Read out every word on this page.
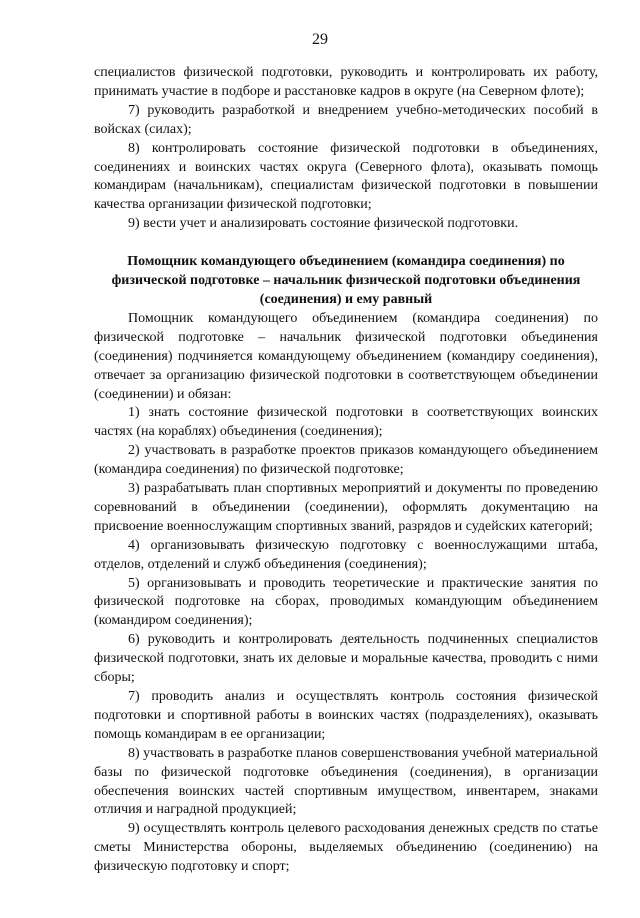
29

специалистов физической подготовки, руководить и контролировать их работу, принимать участие в подборе и расстановке кадров в округе (на Северном флоте);

7) руководить разработкой и внедрением учебно-методических пособий в войсках (силах);

8) контролировать состояние физической подготовки в объединениях, соединениях и воинских частях округа (Северного флота), оказывать помощь командирам (начальникам), специалистам физической подготовки в повышении качества организации физической подготовки;

9) вести учет и анализировать состояние физической подготовки.

Помощник командующего объединением (командира соединения) по физической подготовке – начальник физической подготовки объединения (соединения) и ему равный

Помощник командующего объединением (командира соединения) по физической подготовке – начальник физической подготовки объединения (соединения) подчиняется командующему объединением (командиру соединения), отвечает за организацию физической подготовки в соответствующем объединении (соединении) и обязан:

1) знать состояние физической подготовки в соответствующих воинских частях (на кораблях) объединения (соединения);

2) участвовать в разработке проектов приказов командующего объединением (командира соединения) по физической подготовке;

3) разрабатывать план спортивных мероприятий и документы по проведению соревнований в объединении (соединении), оформлять документацию на присвоение военнослужащим спортивных званий, разрядов и судейских категорий;

4) организовывать физическую подготовку с военнослужащими штаба, отделов, отделений и служб объединения (соединения);

5) организовывать и проводить теоретические и практические занятия по физической подготовке на сборах, проводимых командующим объединением (командиром соединения);

6) руководить и контролировать деятельность подчиненных специалистов физической подготовки, знать их деловые и моральные качества, проводить с ними сборы;

7) проводить анализ и осуществлять контроль состояния физической подготовки и спортивной работы в воинских частях (подразделениях), оказывать помощь командирам в ее организации;

8) участвовать в разработке планов совершенствования учебной материальной базы по физической подготовке объединения (соединения), в организации обеспечения воинских частей спортивным имуществом, инвентарем, знаками отличия и наградной продукцией;

9) осуществлять контроль целевого расходования денежных средств по статье сметы Министерства обороны, выделяемых объединению (соединению) на физическую подготовку и спорт;
